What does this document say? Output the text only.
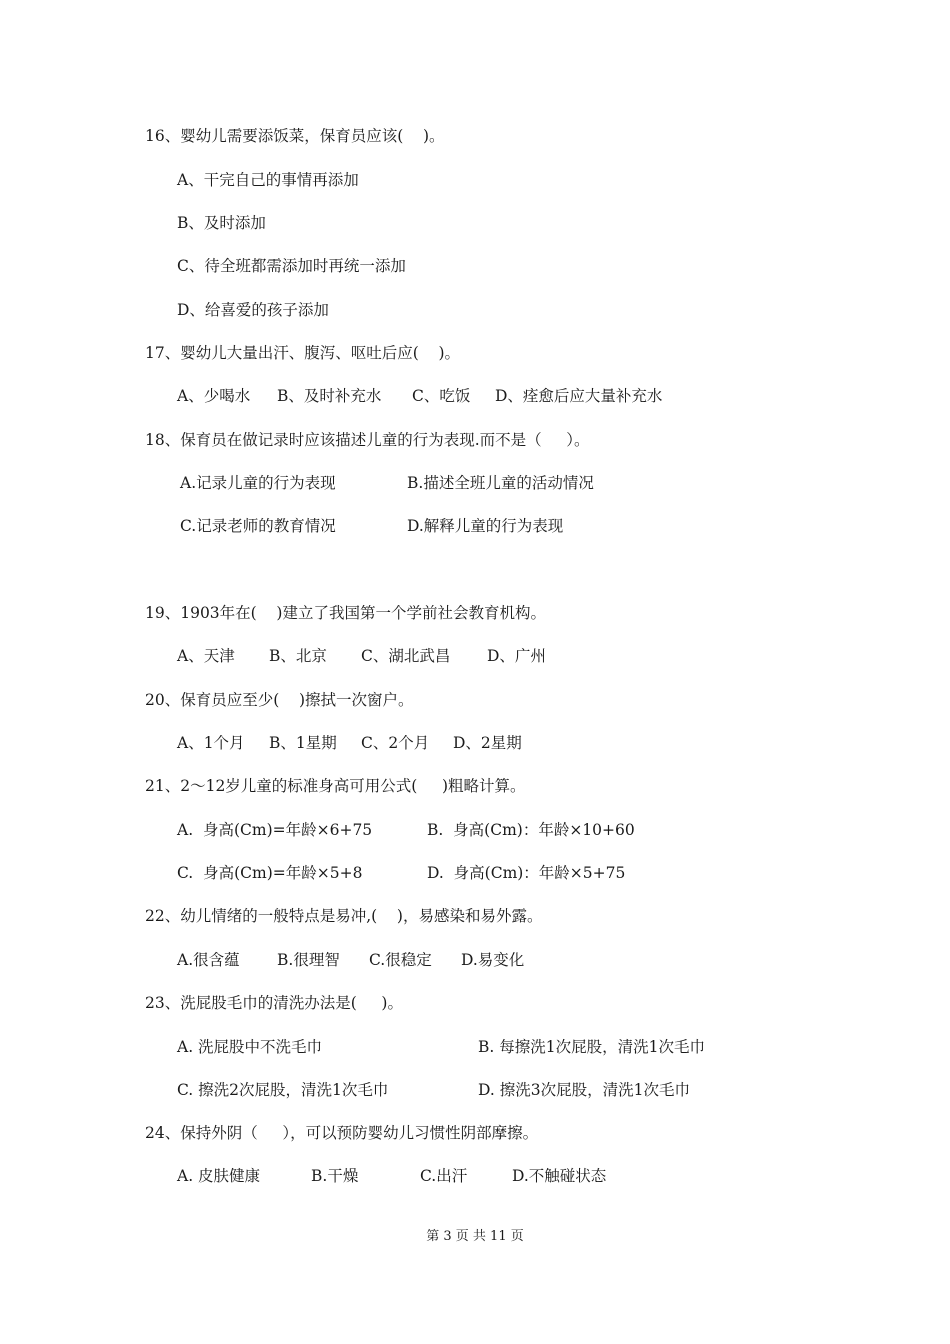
16、婴幼儿需要添饭菜，保育员应该(    )。
A、干完自己的事情再添加
B、及时添加
C、待全班都需添加时再统一添加
D、给喜爱的孩子添加
17、婴幼儿大量出汗、腹泻、呕吐后应(    )。
A、少喝水 B、及时补充水 C、吃饭 D、痊愈后应大量补充水
18、保育员在做记录时应该描述儿童的行为表现.而不是（     ）。
A.记录儿童的行为表现	B.描述全班儿童的活动情况
C.记录老师的教育情况	D.解释儿童的行为表现
19、1903年在(    )建立了我国第一个学前社会教育机构。
A、天津 B、北京 C、湖北武昌 D、广州
20、保育员应至少(    )擦拭一次窗户。
A、1个月 B、1星期 C、2个月 D、2星期
21、2～12岁儿童的标准身高可用公式(     )粗略计算。
A.  身高(Cm)=年龄×6+75	B.  身高(Cm)：年龄×10+60
C.  身高(Cm)=年龄×5+8	D.  身高(Cm)：年龄×5+75
22、幼儿情绪的一般特点是易冲,(    )，易感染和易外露。
A.很含蕴 B.很理智 C.很稳定 D.易变化
23、洗屁股毛巾的清洗办法是(     )。
A. 洗屁股中不洗毛巾	B. 每擦洗1次屁股，清洗1次毛巾
C. 擦洗2次屁股，清洗1次毛巾	D. 擦洗3次屁股，清洗1次毛巾
24、保持外阴（     ），可以预防婴幼儿习惯性阴部摩擦。
A. 皮肤健康	B.干燥	C.出汗	D.不触碰状态
第 3 页 共 11 页
